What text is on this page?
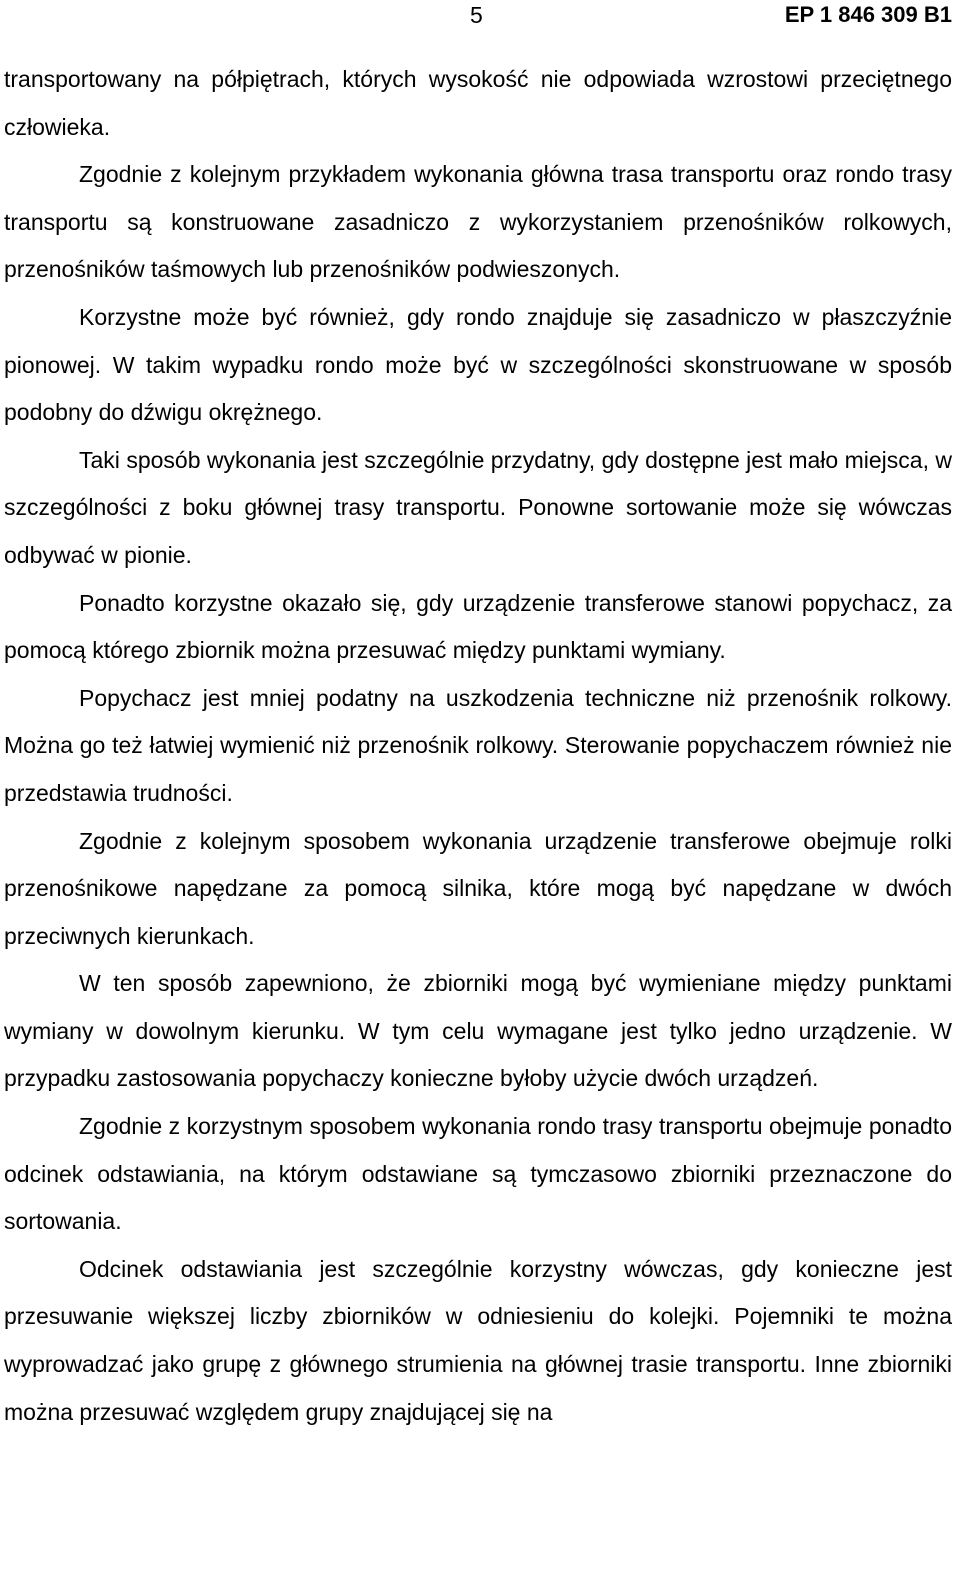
5	EP 1 846 309 B1

transportowany na półpiętrach, których wysokość nie odpowiada wzrostowi przeciętnego człowieka.

Zgodnie z kolejnym przykładem wykonania główna trasa transportu oraz rondo trasy transportu są konstruowane zasadniczo z wykorzystaniem przenośników rolkowych, przenośników taśmowych lub przenośników podwieszonych.

Korzystne może być również, gdy rondo znajduje się zasadniczo w płaszczyźnie pionowej. W takim wypadku rondo może być w szczególności skonstruowane w sposób podobny do dźwigu okrężnego.

Taki sposób wykonania jest szczególnie przydatny, gdy dostępne jest mało miejsca, w szczególności z boku głównej trasy transportu. Ponowne sortowanie może się wówczas odbywać w pionie.

Ponadto korzystne okazało się, gdy urządzenie transferowe stanowi popychacz, za pomocą którego zbiornik można przesuwać między punktami wymiany.

Popychacz jest mniej podatny na uszkodzenia techniczne niż przenośnik rolkowy. Można go też łatwiej wymienić niż przenośnik rolkowy. Sterowanie popychaczem również nie przedstawia trudności.

Zgodnie z kolejnym sposobem wykonania urządzenie transferowe obejmuje rolki przenośnikowe napędzane za pomocą silnika, które mogą być napędzane w dwóch przeciwnych kierunkach.

W ten sposób zapewniono, że zbiorniki mogą być wymieniane między punktami wymiany w dowolnym kierunku. W tym celu wymagane jest tylko jedno urządzenie. W przypadku zastosowania popychaczy konieczne byłoby użycie dwóch urządzeń.

Zgodnie z korzystnym sposobem wykonania rondo trasy transportu obejmuje ponadto odcinek odstawiania, na którym odstawiane są tymczasowo zbiorniki przeznaczone do sortowania.

Odcinek odstawiania jest szczególnie korzystny wówczas, gdy konieczne jest przesuwanie większej liczby zbiorników w odniesieniu do kolejki. Pojemniki te można wyprowadzać jako grupę z głównego strumienia na głównej trasie transportu. Inne zbiorniki można przesuwać względem grupy znajdującej się na
